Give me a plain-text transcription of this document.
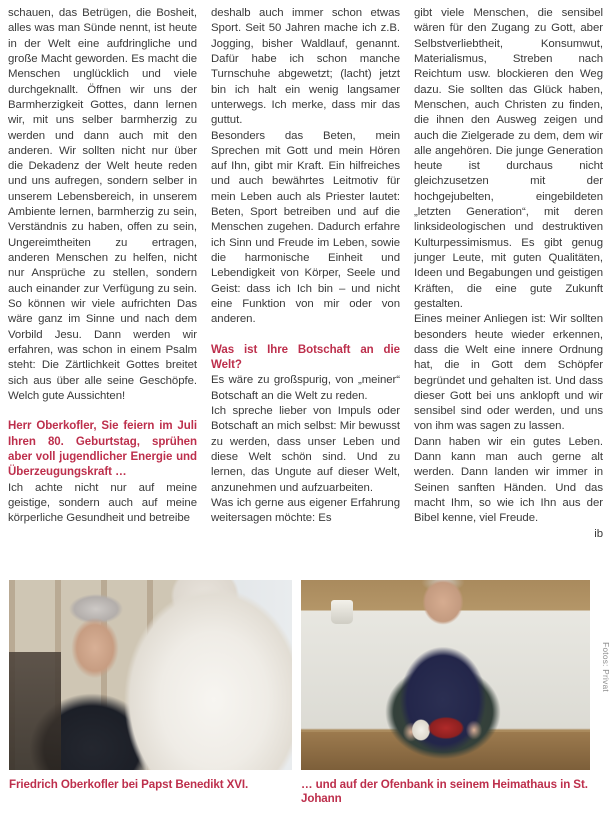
schauen, das Betrügen, die Bosheit, alles was man Sünde nennt, ist heute in der Welt eine aufdringliche und große Macht geworden. Es macht die Menschen unglücklich und viele durchgeknallt. Öffnen wir uns der Barmherzigkeit Gottes, dann lernen wir, mit uns selber barmherzig zu werden und dann auch mit den anderen. Wir sollten nicht nur über die Dekadenz der Welt heute reden und uns aufregen, sondern selber in unserem Lebensbereich, in unserem Ambiente lernen, barmherzig zu sein, Verständnis zu haben, offen zu sein, Ungereimtheiten zu ertragen, anderen Menschen zu helfen, nicht nur Ansprüche zu stellen, sondern auch einander zur Verfügung zu sein. So können wir viele aufrichten Das wäre ganz im Sinne und nach dem Vorbild Jesu. Dann werden wir erfahren, was schon in einem Psalm steht: Die Zärtlichkeit Gottes breitet sich aus über alle seine Geschöpfe. Welch gute Aussichten!

Herr Oberkofler, Sie feiern im Juli Ihren 80. Geburtstag, sprühen aber voll jugendlicher Energie und Überzeugungskraft …

Ich achte nicht nur auf meine geistige, sondern auch auf meine körperliche Gesundheit und betreibe

deshalb auch immer schon etwas Sport. Seit 50 Jahren mache ich z.B. Jogging, bisher Waldlauf, genannt. Dafür habe ich schon manche Turnschuhe abgewetzt; (lacht) jetzt bin ich halt ein wenig langsamer unterwegs. Ich merke, dass mir das guttut.

Besonders das Beten, mein Sprechen mit Gott und mein Hören auf Ihn, gibt mir Kraft. Ein hilfreiches und auch bewährtes Leitmotiv für mein Leben auch als Priester lautet: Beten, Sport betreiben und auf die Menschen zugehen. Dadurch erfahre ich Sinn und Freude im Leben, sowie die harmonische Einheit und Lebendigkeit von Körper, Seele und Geist: dass ich Ich bin – und nicht eine Funktion von mir oder von anderen.

Was ist Ihre Botschaft an die Welt?

Es wäre zu großspurig, von „meiner“ Botschaft an die Welt zu reden.

Ich spreche lieber von Impuls oder Botschaft an mich selbst: Mir bewusst zu werden, dass unser Leben und diese Welt schön sind. Und zu lernen, das Ungute auf dieser Welt, anzunehmen und aufzuarbeiten.

Was ich gerne aus eigener Erfahrung weitersagen möchte: Es

gibt viele Menschen, die sensibel wären für den Zugang zu Gott, aber Selbstverliebtheit, Konsumwut, Materialismus, Streben nach Reichtum usw. blockieren den Weg dazu. Sie sollten das Glück haben, Menschen, auch Christen zu finden, die ihnen den Ausweg zeigen und auch die Zielgerade zu dem, dem wir alle angehören. Die junge Generation heute ist durchaus nicht gleichzusetzen mit der hochgejubelten, eingebildeten „letzten Generation“, mit deren linksideologischen und destruktiven Kulturpessimismus. Es gibt genug junger Leute, mit guten Qualitäten, Ideen und Begabungen und geistigen Kräften, die eine gute Zukunft gestalten.

Eines meiner Anliegen ist: Wir sollten besonders heute wieder erkennen, dass die Welt eine innere Ordnung hat, die in Gott dem Schöpfer begründet und gehalten ist. Und dass dieser Gott bei uns anklopft und wir sensibel sind oder werden, und uns von ihm was sagen zu lassen.

Dann haben wir ein gutes Leben. Dann kann man auch gerne alt werden. Dann landen wir immer in Seinen sanften Händen. Und das macht Ihm, so wie ich Ihn aus der Bibel kenne, viel Freude.

ib

Friedrich Oberkofler bei Papst Benedikt XVI.	… und auf der Ofenbank in seinem Heimathaus in St. Johann
Fotos: Privat
